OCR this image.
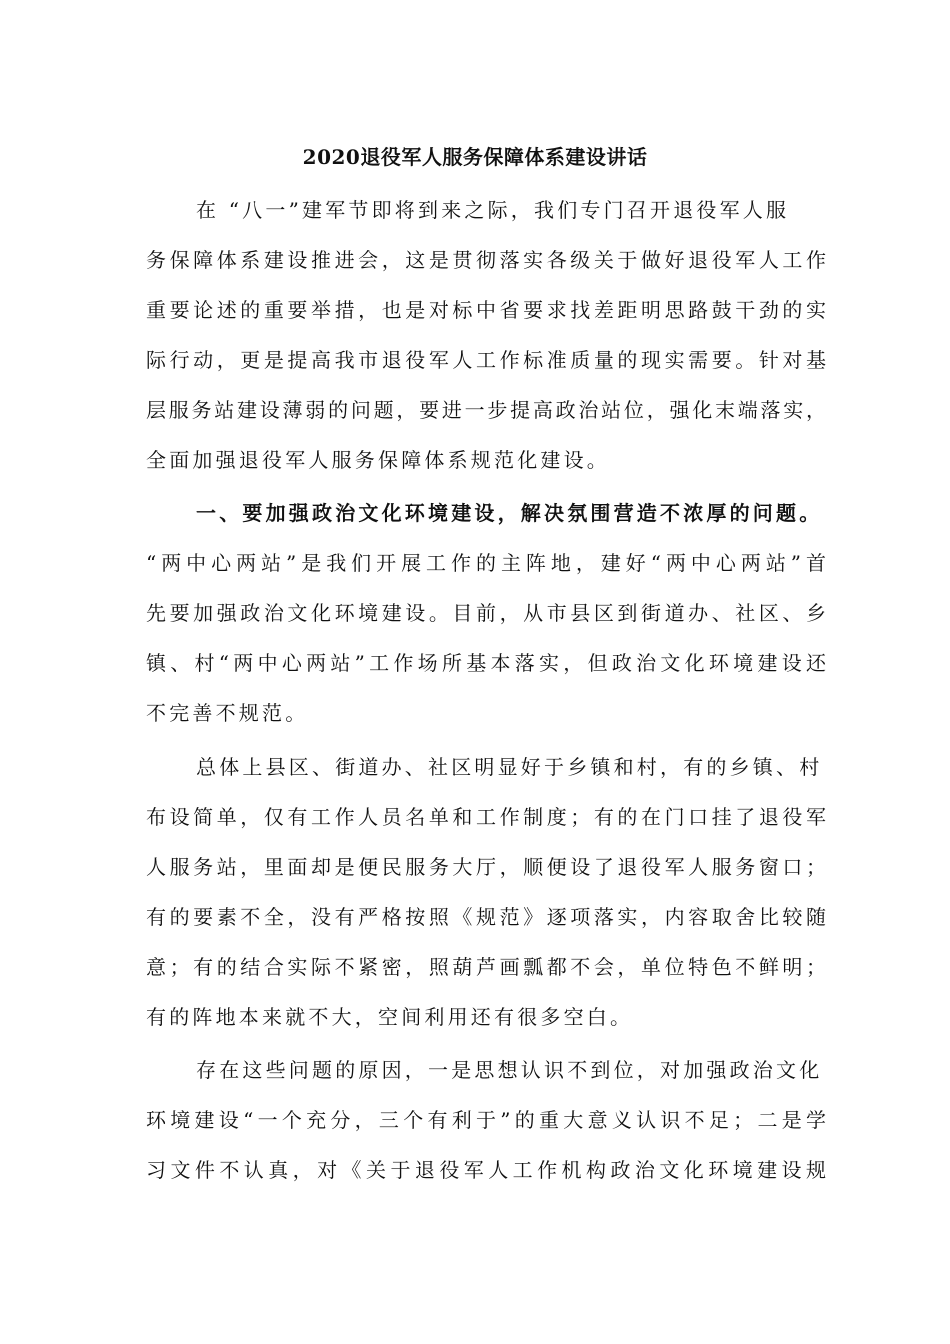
2020退役军人服务保障体系建设讲话
在 “八一”建军节即将到来之际，我们专门召开退役军人服
务保障体系建设推进会，这是贯彻落实各级关于做好退役军人工作
重要论述的重要举措，也是对标中省要求找差距明思路鼓干劲的实
际行动，更是提高我市退役军人工作标准质量的现实需要。针对基
层服务站建设薄弱的问题，要进一步提高政治站位，强化末端落实，
全面加强退役军人服务保障体系规范化建设。
一、要加强政治文化环境建设，解决氛围营造不浓厚的问题。
“两中心两站”是我们开展工作的主阵地，建好“两中心两站”首
先要加强政治文化环境建设。目前，从市县区到街道办、社区、乡
镇、村“两中心两站”工作场所基本落实，但政治文化环境建设还
不完善不规范。
总体上县区、街道办、社区明显好于乡镇和村，有的乡镇、村
布设简单，仅有工作人员名单和工作制度；有的在门口挂了退役军
人服务站，里面却是便民服务大厅，顺便设了退役军人服务窗口；
有的要素不全，没有严格按照《规范》逐项落实，内容取舍比较随
意；有的结合实际不紧密，照葫芦画瓢都不会，单位特色不鲜明；
有的阵地本来就不大，空间利用还有很多空白。
存在这些问题的原因，一是思想认识不到位，对加强政治文化
环境建设“一个充分，三个有利于”的重大意义认识不足；二是学
习文件不认真，对《关于退役军人工作机构政治文化环境建设规
